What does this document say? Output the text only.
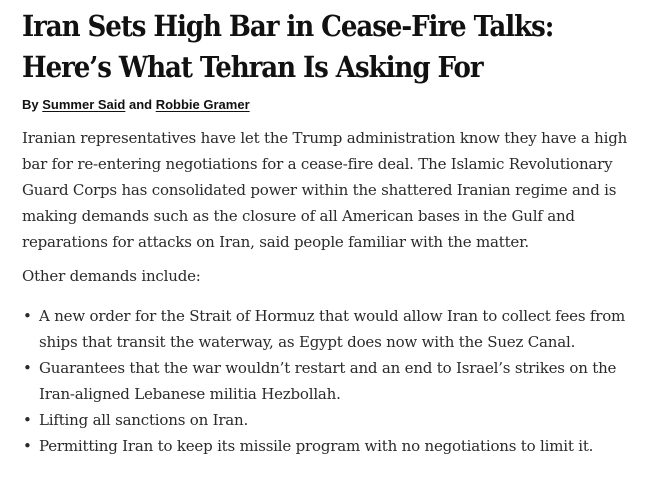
Iran Sets High Bar in Cease-Fire Talks: Here’s What Tehran Is Asking For
By Summer Said and Robbie Gramer

Iranian representatives have let the Trump administration know they have a high bar for re-entering negotiations for a cease-fire deal. The Islamic Revolutionary Guard Corps has consolidated power within the shattered Iranian regime and is making demands such as the closure of all American bases in the Gulf and reparations for attacks on Iran, said people familiar with the matter.

Other demands include:

• A new order for the Strait of Hormuz that would allow Iran to collect fees from ships that transit the waterway, as Egypt does now with the Suez Canal.
• Guarantees that the war wouldn’t restart and an end to Israel’s strikes on the Iran-aligned Lebanese militia Hezbollah.
• Lifting all sanctions on Iran.
• Permitting Iran to keep its missile program with no negotiations to limit it.
